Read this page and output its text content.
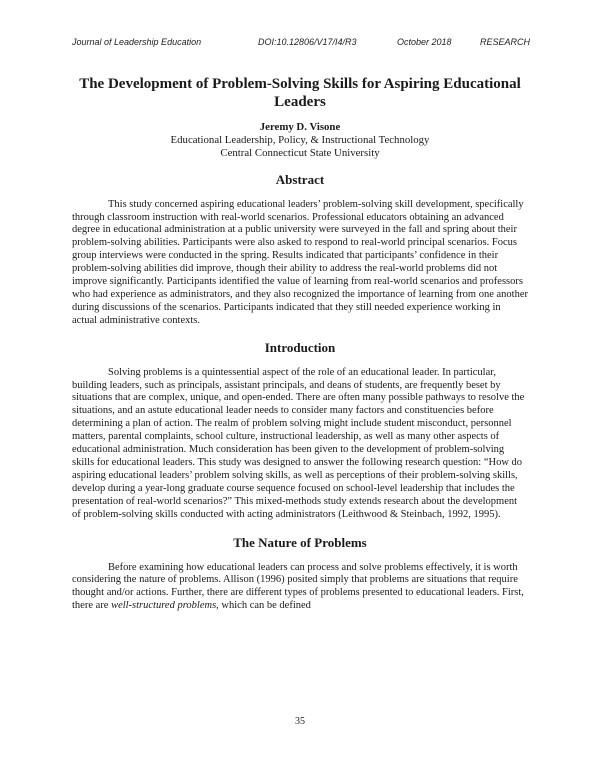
Journal of Leadership Education	DOI:10.12806/V17/I4/R3	October 2018	RESEARCH
The Development of Problem-Solving Skills for Aspiring Educational Leaders
Jeremy D. Visone
Educational Leadership, Policy, & Instructional Technology
Central Connecticut State University
Abstract

This study concerned aspiring educational leaders’ problem-solving skill development, specifically through classroom instruction with real-world scenarios. Professional educators obtaining an advanced degree in educational administration at a public university were surveyed in the fall and spring about their problem-solving abilities. Participants were also asked to respond to real-world principal scenarios. Focus group interviews were conducted in the spring. Results indicated that participants’ confidence in their problem-solving abilities did improve, though their ability to address the real-world problems did not improve significantly. Participants identified the value of learning from real-world scenarios and professors who had experience as administrators, and they also recognized the importance of learning from one another during discussions of the scenarios. Participants indicated that they still needed experience working in actual administrative contexts.

Introduction

Solving problems is a quintessential aspect of the role of an educational leader. In particular, building leaders, such as principals, assistant principals, and deans of students, are frequently beset by situations that are complex, unique, and open-ended. There are often many possible pathways to resolve the situations, and an astute educational leader needs to consider many factors and constituencies before determining a plan of action. The realm of problem solving might include student misconduct, personnel matters, parental complaints, school culture, instructional leadership, as well as many other aspects of educational administration. Much consideration has been given to the development of problem-solving skills for educational leaders. This study was designed to answer the following research question: “How do aspiring educational leaders’ problem solving skills, as well as perceptions of their problem-solving skills, develop during a year-long graduate course sequence focused on school-level leadership that includes the presentation of real-world scenarios?” This mixed-methods study extends research about the development of problem-solving skills conducted with acting administrators (Leithwood & Steinbach, 1992, 1995).

The Nature of Problems

Before examining how educational leaders can process and solve problems effectively, it is worth considering the nature of problems. Allison (1996) posited simply that problems are situations that require thought and/or actions. Further, there are different types of problems presented to educational leaders. First, there are well-structured problems, which can be defined

35
